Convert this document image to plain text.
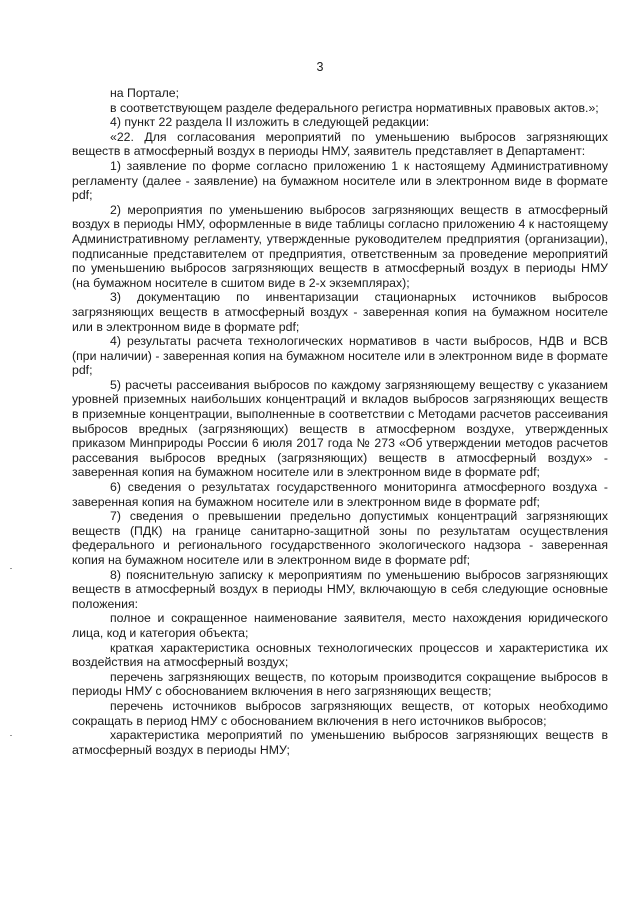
3

на Портале;

в соответствующем разделе федерального регистра нормативных правовых актов.»;

4) пункт 22 раздела II изложить в следующей редакции:

«22. Для согласования мероприятий по уменьшению выбросов загрязняющих веществ в атмосферный воздух в периоды НМУ, заявитель представляет в Департамент:

1) заявление по форме согласно приложению 1 к настоящему Административному регламенту (далее - заявление) на бумажном носителе или в электронном виде в формате pdf;

2) мероприятия по уменьшению выбросов загрязняющих веществ в атмосферный воздух в периоды НМУ, оформленные в виде таблицы согласно приложению 4 к настоящему Административному регламенту, утвержденные руководителем предприятия (организации), подписанные представителем от предприятия, ответственным за проведение мероприятий по уменьшению выбросов загрязняющих веществ в атмосферный воздух в периоды НМУ (на бумажном носителе в сшитом виде в 2-х экземплярах);

3) документацию по инвентаризации стационарных источников выбросов загрязняющих веществ в атмосферный воздух - заверенная копия на бумажном носителе или в электронном виде в формате pdf;

4) результаты расчета технологических нормативов в части выбросов, НДВ и ВСВ (при наличии) - заверенная копия на бумажном носителе или в электронном виде в формате pdf;

5) расчеты рассеивания выбросов по каждому загрязняющему веществу с указанием уровней приземных наибольших концентраций и вкладов выбросов загрязняющих веществ в приземные концентрации, выполненные в соответствии с Методами расчетов рассеивания выбросов вредных (загрязняющих) веществ в атмосферном воздухе, утвержденных приказом Минприроды России 6 июля 2017 года № 273 «Об утверждении методов расчетов рассевания выбросов вредных (загрязняющих) веществ в атмосферный воздух» - заверенная копия на бумажном носителе или в электронном виде в формате pdf;

6) сведения о результатах государственного мониторинга атмосферного воздуха - заверенная копия на бумажном носителе или в электронном виде в формате pdf;

7) сведения о превышении предельно допустимых концентраций загрязняющих веществ (ПДК) на границе санитарно-защитной зоны по результатам осуществления федерального и регионального государственного экологического надзора - заверенная копия на бумажном носителе или в электронном виде в формате pdf;

8) пояснительную записку к мероприятиям по уменьшению выбросов загрязняющих веществ в атмосферный воздух в периоды НМУ, включающую в себя следующие основные положения:

полное и сокращенное наименование заявителя, место нахождения юридического лица, код и категория объекта;

краткая характеристика основных технологических процессов и характеристика их воздействия на атмосферный воздух;

перечень загрязняющих веществ, по которым производится сокращение выбросов в периоды НМУ с обоснованием включения в него загрязняющих веществ;

перечень источников выбросов загрязняющих веществ, от которых необходимо сокращать в период НМУ с обоснованием включения в него источников выбросов;

характеристика мероприятий по уменьшению выбросов загрязняющих веществ в атмосферный воздух в периоды НМУ;
